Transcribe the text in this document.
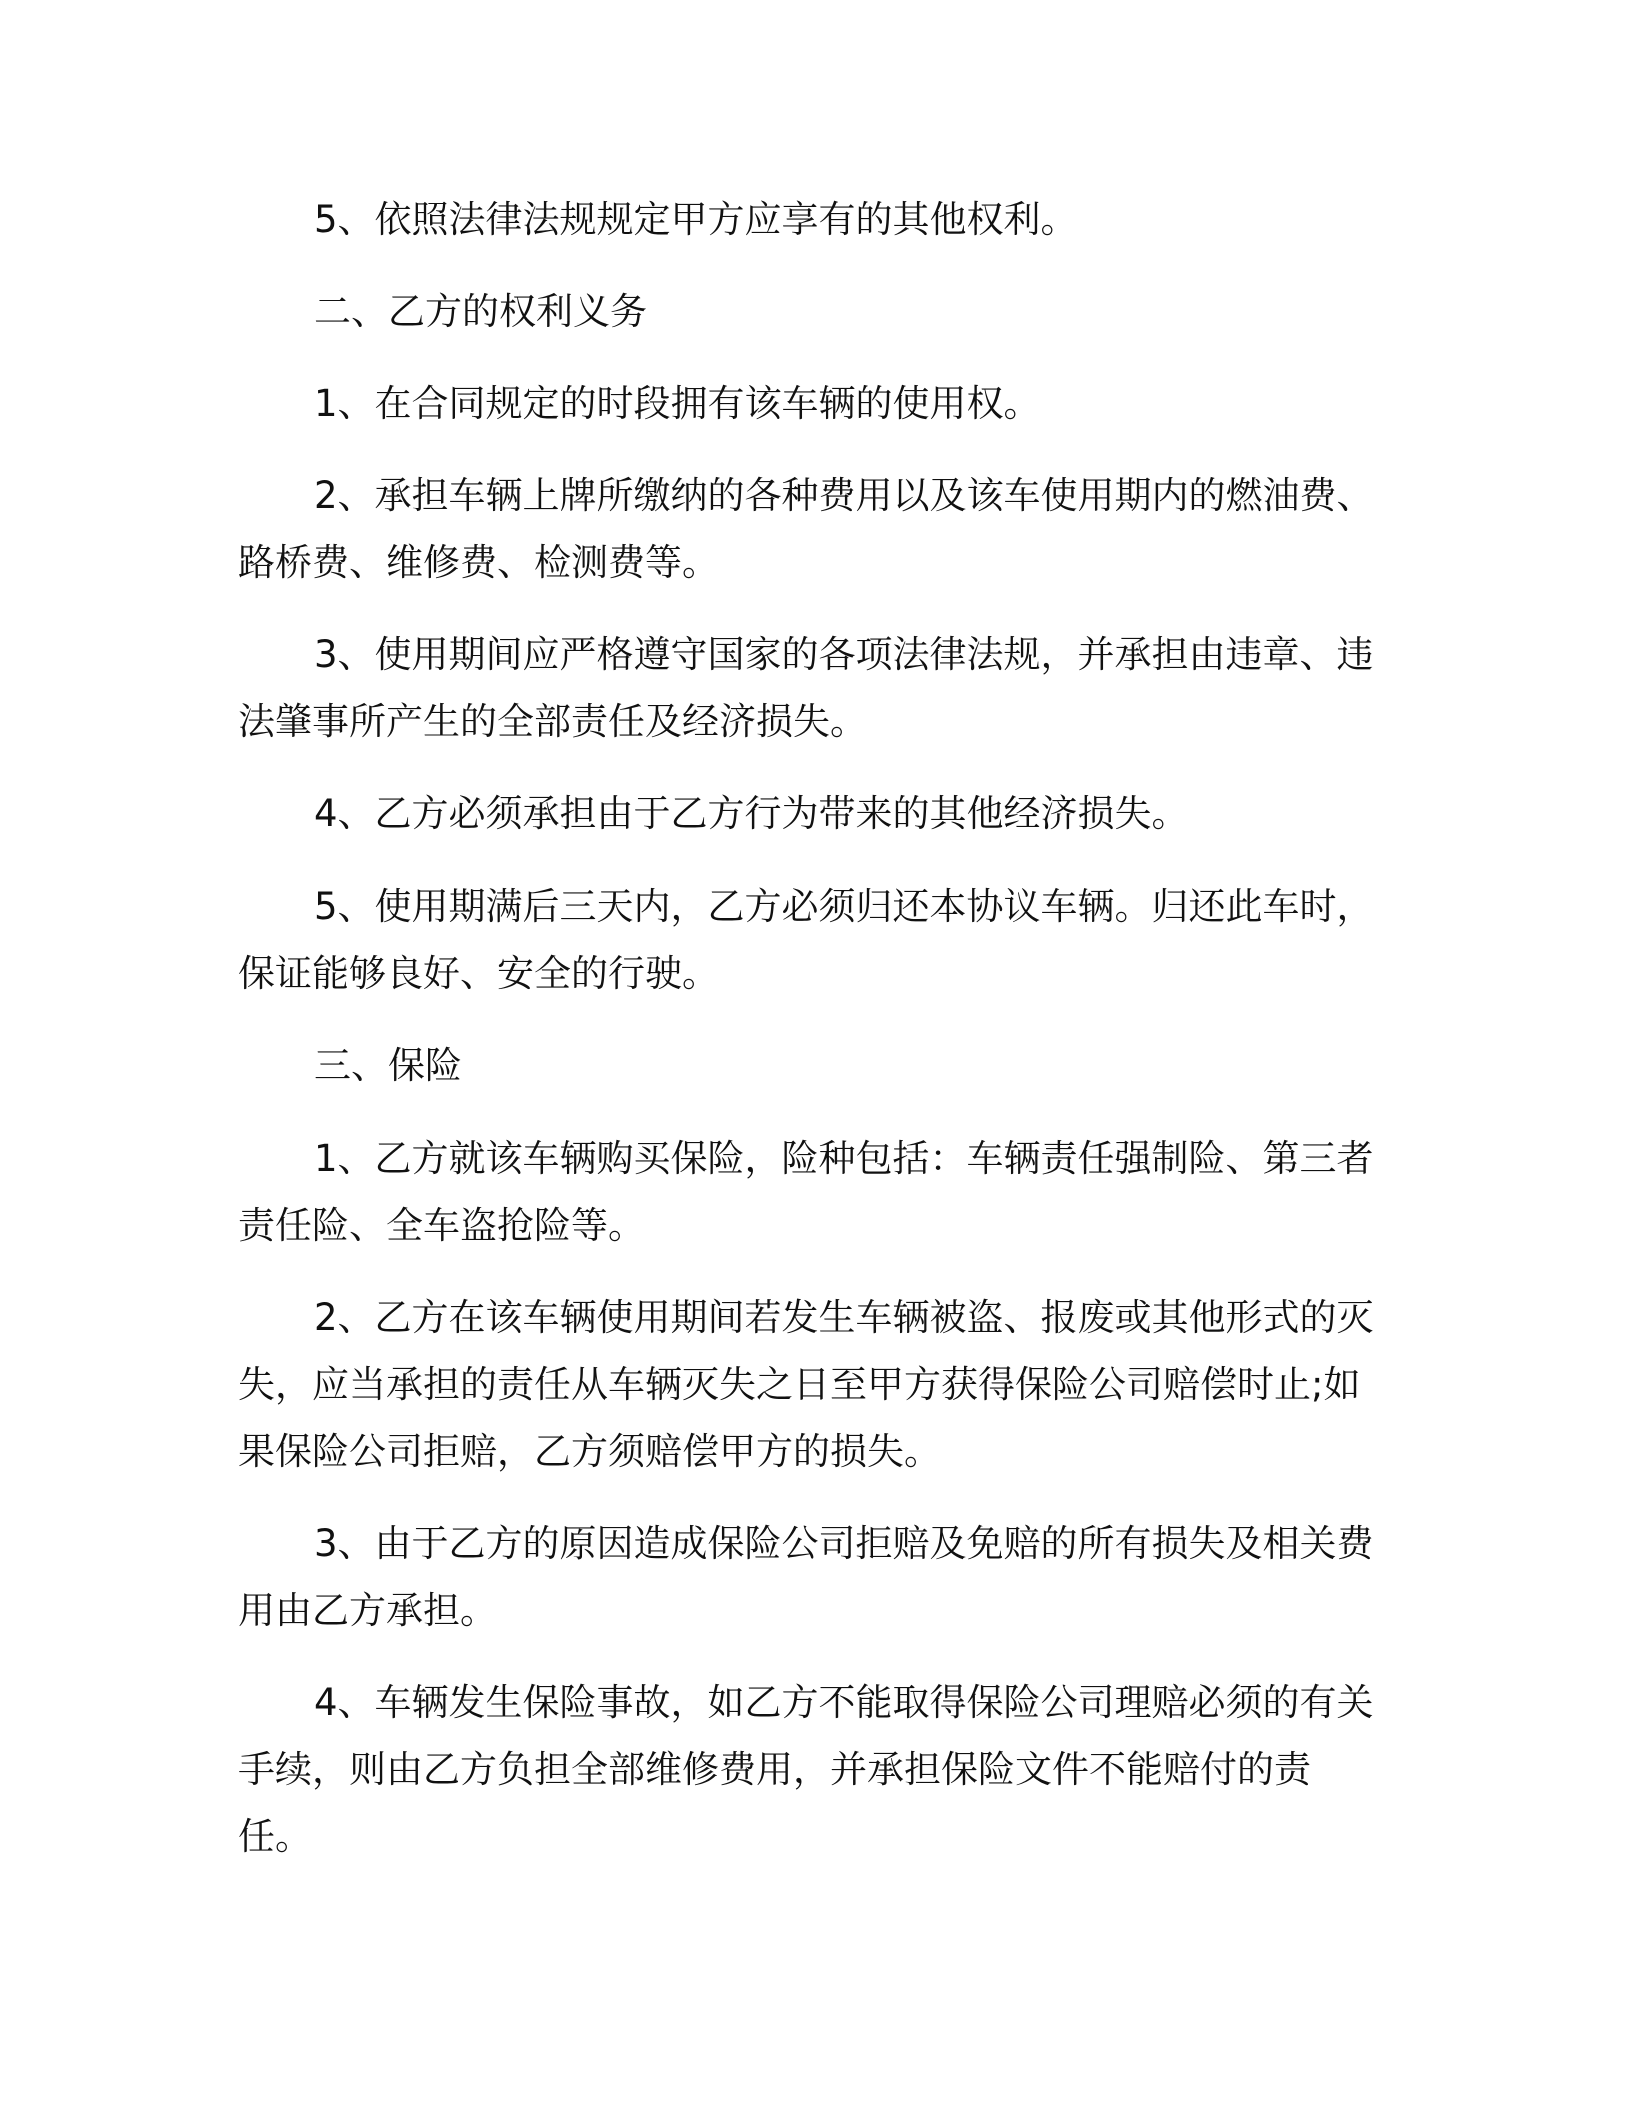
5、依照法律法规规定甲方应享有的其他权利。

二、乙方的权利义务

1、在合同规定的时段拥有该车辆的使用权。

2、承担车辆上牌所缴纳的各种费用以及该车使用期内的燃油费、路桥费、维修费、检测费等。

3、使用期间应严格遵守国家的各项法律法规，并承担由违章、违法肇事所产生的全部责任及经济损失。

4、乙方必须承担由于乙方行为带来的其他经济损失。

5、使用期满后三天内，乙方必须归还本协议车辆。归还此车时，保证能够良好、安全的行驶。

三、保险

1、乙方就该车辆购买保险，险种包括：车辆责任强制险、第三者责任险、全车盗抢险等。

2、乙方在该车辆使用期间若发生车辆被盗、报废或其他形式的灭失，应当承担的责任从车辆灭失之日至甲方获得保险公司赔偿时止;如果保险公司拒赔，乙方须赔偿甲方的损失。

3、由于乙方的原因造成保险公司拒赔及免赔的所有损失及相关费用由乙方承担。

4、车辆发生保险事故，如乙方不能取得保险公司理赔必须的有关手续，则由乙方负担全部维修费用，并承担保险文件不能赔付的责任。
